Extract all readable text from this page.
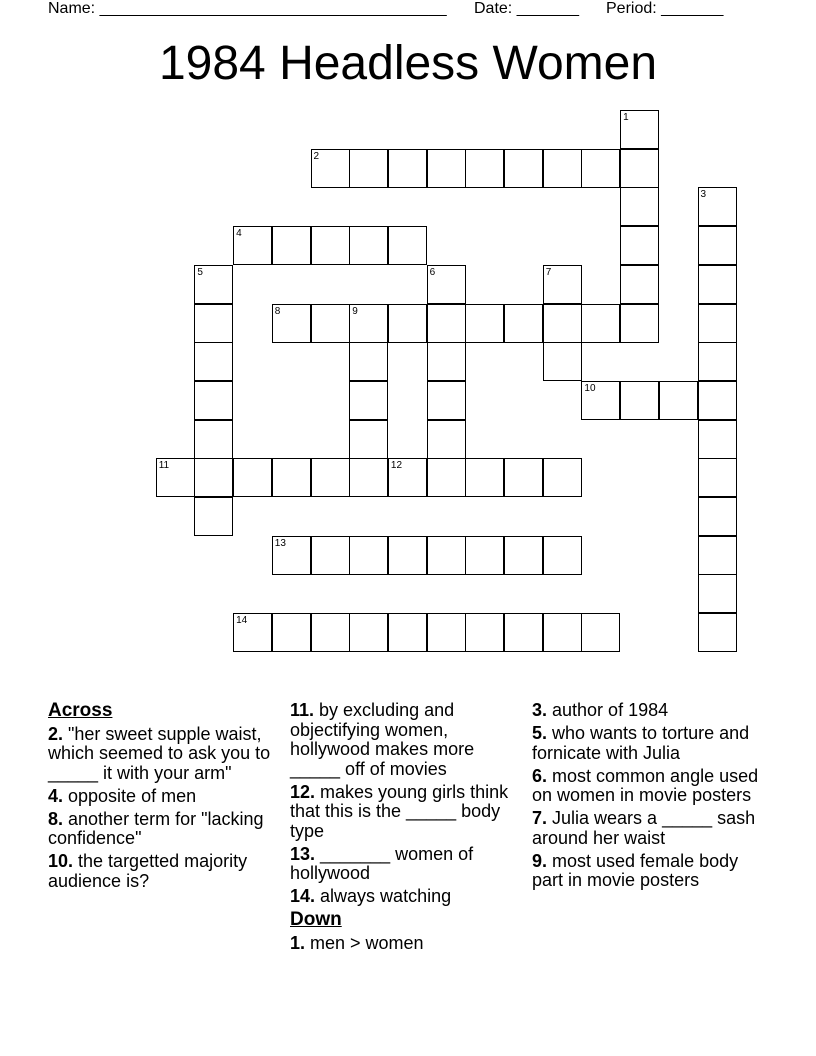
Name: _______________________________________ Date: _______ Period: _______
1984 Headless Women
2
4
8	9
10
11	12
13
14
1
3
5	6	7
Across
2. "her sweet supple waist, which seemed to ask you to _____ it with your arm"
4. opposite of men
8. another term for "lacking confidence"
10. the targetted majority audience is?
11. by excluding and objectifying women, hollywood makes more _____ off of movies
12. makes young girls think that this is the _____ body type
13. _______ women of hollywood
14. always watching
Down
1. men > women
3. author of 1984
5. who wants to torture and fornicate with Julia
6. most common angle used on women in movie posters
7. Julia wears a _____ sash around her waist
9. most used female body part in movie posters
